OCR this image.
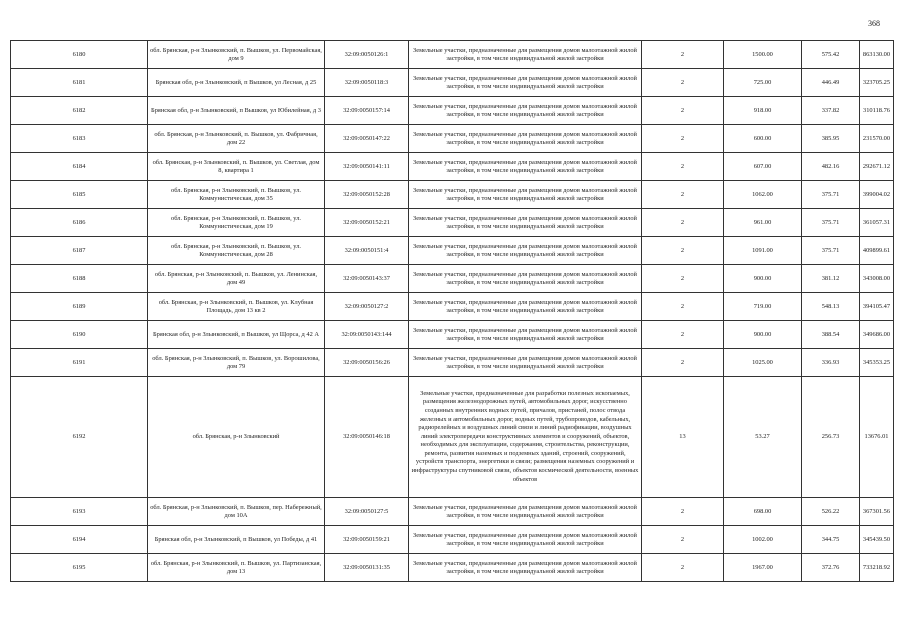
368
6180	обл. Брянская, р-н Злынковский, п. Вышков, ул. Первомайская, дом 9	32:09:0050126:1	Земельные участки, предназначенные для размещения домов малоэтажной жилой застройки, в том числе индивидуальной жилой застройки	2	1500.00	575.42	863130.00
6181	Брянская обл, р-н Злынковский, п Вышков, ул Лесная, д 25	32:09:0050118:3	Земельные участки, предназначенные для размещения домов малоэтажной жилой застройки, в том числе индивидуальной жилой застройки	2	725.00	446.49	323705.25
6182	Брянская обл, р-н Злынковский, п Вышков, ул Юбилейная, д 3	32:09:0050157:14	Земельные участки, предназначенные для размещения домов малоэтажной жилой застройки, в том числе индивидуальной жилой застройки	2	918.00	337.82	310118.76
6183	обл. Брянская, р-н Злынковский, п. Вышков, ул. Фабричная, дом 22	32:09:0050147:22	Земельные участки, предназначенные для размещения домов малоэтажной жилой застройки, в том числе индивидуальной жилой застройки	2	600.00	385.95	231570.00
6184	обл. Брянская, р-н Злынковский, п. Вышков, ул. Светлая, дом 8, квартира 1	32:09:0050141:11	Земельные участки, предназначенные для размещения домов малоэтажной жилой застройки, в том числе индивидуальной жилой застройки	2	607.00	482.16	292671.12
6185	обл. Брянская, р-н Злынковский, п. Вышков, ул. Коммунистическая, дом 35	32:09:0050152:28	Земельные участки, предназначенные для размещения домов малоэтажной жилой застройки, в том числе индивидуальной жилой застройки	2	1062.00	375.71	399004.02
6186	обл. Брянская, р-н Злынковский, п. Вышков, ул. Коммунистическая, дом 19	32:09:0050152:21	Земельные участки, предназначенные для размещения домов малоэтажной жилой застройки, в том числе индивидуальной жилой застройки	2	961.00	375.71	361057.31
6187	обл. Брянская, р-н Злынковский, п. Вышков, ул. Коммунистическая, дом 28	32:09:0050151:4	Земельные участки, предназначенные для размещения домов малоэтажной жилой застройки, в том числе индивидуальной жилой застройки	2	1091.00	375.71	409899.61
6188	обл. Брянская, р-н Злынковский, п. Вышков, ул. Ленинская, дом 49	32:09:0050143:37	Земельные участки, предназначенные для размещения домов малоэтажной жилой застройки, в том числе индивидуальной жилой застройки	2	900.00	381.12	343008.00
6189	обл. Брянская, р-н Злынковский, п. Вышков, ул. Клубная Площадь, дом 13 кв 2	32:09:0050127:2	Земельные участки, предназначенные для размещения домов малоэтажной жилой застройки, в том числе индивидуальной жилой застройки	2	719.00	548.13	394105.47
6190	Брянская обл, р-н Злынковский, п Вышков, ул Щорса, д 42 А	32:09:0050143:144	Земельные участки, предназначенные для размещения домов малоэтажной жилой застройки, в том числе индивидуальной жилой застройки	2	900.00	388.54	349686.00
6191	обл. Брянская, р-н Злынковский, п. Вышков, ул. Ворошилова, дом 79	32:09:0050156:26	Земельные участки, предназначенные для размещения домов малоэтажной жилой застройки, в том числе индивидуальной жилой застройки	2	1025.00	336.93	345353.25
6192	обл. Брянская, р-н Злынковский	32:09:0050146:18	Земельные участки, предназначенные для разработки полезных ископаемых, размещения железнодорожных путей, автомобильных дорог, искусственно созданных внутренних водных путей, причалов, пристаней, полос отвода железных и автомобильных дорог, водных путей, трубопроводов, кабельных, радиорелейных и воздушных линий связи и линий радиофикации, воздушных линий электропередачи конструктивных элементов и сооружений, объектов, необходимых для эксплуатации, содержания, строительства, реконструкции, ремонта, развития наземных и подземных зданий, строений, сооружений, устройств транспорта, энергетики и связи; размещения наземных сооружений и инфраструктуры спутниковой связи, объектов космической деятельности, военных объектов	13	53.27	256.73	13676.01
6193	обл. Брянская, р-н Злынковский, п. Вышков, пер. Набережный, дом 10А	32:09:0050127:5	Земельные участки, предназначенные для размещения домов малоэтажной жилой застройки, в том числе индивидуальной жилой застройки	2	698.00	526.22	367301.56
6194	Брянская обл, р-н Злынковский, п Вышков, ул Победы, д 41	32:09:0050159:21	Земельные участки, предназначенные для размещения домов малоэтажной жилой застройки, в том числе индивидуальной жилой застройки	2	1002.00	344.75	345439.50
6195	обл. Брянская, р-н Злынковский, п. Вышков, ул. Партизанская, дом 13	32:09:0050131:35	Земельные участки, предназначенные для размещения домов малоэтажной жилой застройки, в том числе индивидуальной жилой застройки	2	1967.00	372.76	733218.92
